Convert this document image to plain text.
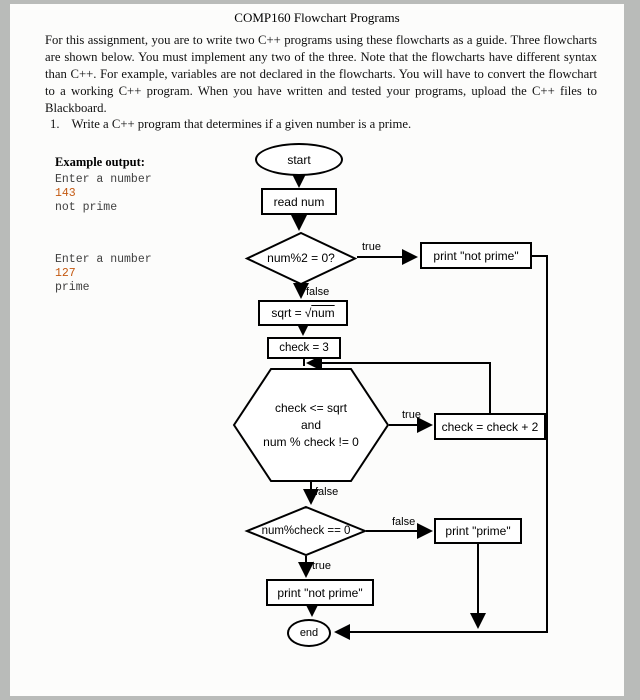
COMP160 Flowchart Programs
For this assignment, you are to write two C++ programs using these flowcharts as a guide. Three flowcharts are shown below. You must implement any two of the three. Note that the flowcharts have different syntax than C++. For example, variables are not declared in the flowcharts. You will have to convert the flowchart to a working C++ program. When you have written and tested your programs, upload the C++ files to Blackboard.
1. Write a C++ program that determines if a given number is a prime.
Example output:
Enter a number
143
not prime
Enter a number
127
prime
start
read num
num%2 = 0?	print "not prime"
sqrt = √ num
check = 3
check <= sqrt
and
num % check != 0
check = check + 2
num%check == 0	print "prime"
print "not prime"
end
true
false
true
false
false
true
